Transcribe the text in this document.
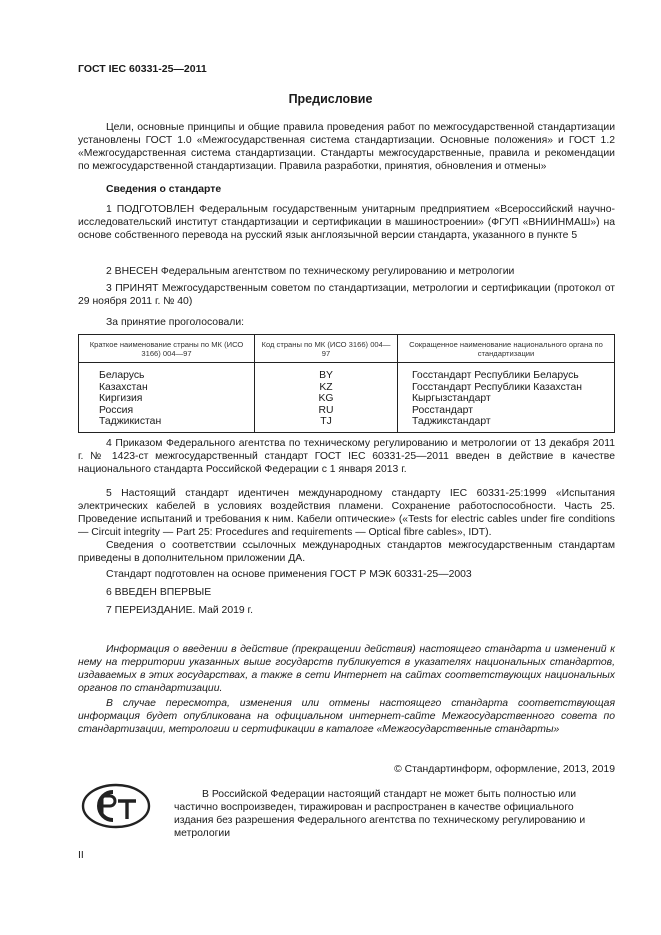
ГОСТ IEC 60331-25—2011
Предисловие

Цели, основные принципы и общие правила проведения работ по межгосударственной стандартизации установлены ГОСТ 1.0 «Межгосударственная система стандартизации. Основные положения» и ГОСТ 1.2 «Межгосударственная система стандартизации. Стандарты межгосударственные, правила и рекомендации по межгосударственной стандартизации. Правила разработки, принятия, обновления и отмены»

Сведения о стандарте

1 ПОДГОТОВЛЕН Федеральным государственным унитарным предприятием «Всероссийский научно-исследовательский институт стандартизации и сертификации в машиностроении» (ФГУП «ВНИИНМАШ») на основе собственного перевода на русский язык англоязычной версии стандарта, указанного в пункте 5

2 ВНЕСЕН Федеральным агентством по техническому регулированию и метрологии

3 ПРИНЯТ Межгосударственным советом по стандартизации, метрологии и сертификации (протокол от 29 ноября 2011 г. № 40)

За принятие проголосовали:

Краткое наименование страны по МК (ИСО 3166) 004—97	Код страны по МК (ИСО 3166) 004—97	Сокращенное наименование национального органа по стандартизации
Беларусь	BY	Госстандарт Республики Беларусь
Казахстан	KZ	Госстандарт Республики Казахстан
Киргизия	KG	Кыргызстандарт
Россия	RU	Росстандарт
Таджикистан	TJ	Таджикстандарт

4 Приказом Федерального агентства по техническому регулированию и метрологии от 13 декабря 2011 г. № 1423-ст межгосударственный стандарт ГОСТ IEC 60331-25—2011 введен в действие в качестве национального стандарта Российской Федерации с 1 января 2013 г.

5 Настоящий стандарт идентичен международному стандарту IEC 60331-25:1999 «Испытания электрических кабелей в условиях воздействия пламени. Сохранение работоспособности. Часть 25. Проведение испытаний и требования к ним. Кабели оптические» («Tests for electric cables under fire conditions — Circuit integrity — Part 25: Procedures and requirements — Optical fibre cables», IDT).

Сведения о соответствии ссылочных международных стандартов межгосударственным стандартам приведены в дополнительном приложении ДА.

Стандарт подготовлен на основе применения ГОСТ Р МЭК 60331-25—2003

6 ВВЕДЕН ВПЕРВЫЕ

7 ПЕРЕИЗДАНИЕ. Май 2019 г.

Информация о введении в действие (прекращении действия) настоящего стандарта и изменений к нему на территории указанных выше государств публикуется в указателях национальных стандартов, издаваемых в этих государствах, а также в сети Интернет на сайтах соответствующих национальных органов по стандартизации.

В случае пересмотра, изменения или отмены настоящего стандарта соответствующая информация будет опубликована на официальном интернет-сайте Межгосударственного совета по стандартизации, метрологии и сертификации в каталоге «Межгосударственные стандарты»

© Стандартинформ, оформление, 2013, 2019

В Российской Федерации настоящий стандарт не может быть полностью или частично воспроизведен, тиражирован и распространен в качестве официального издания без разрешения Федерального агентства по техническому регулированию и метрологии

II
